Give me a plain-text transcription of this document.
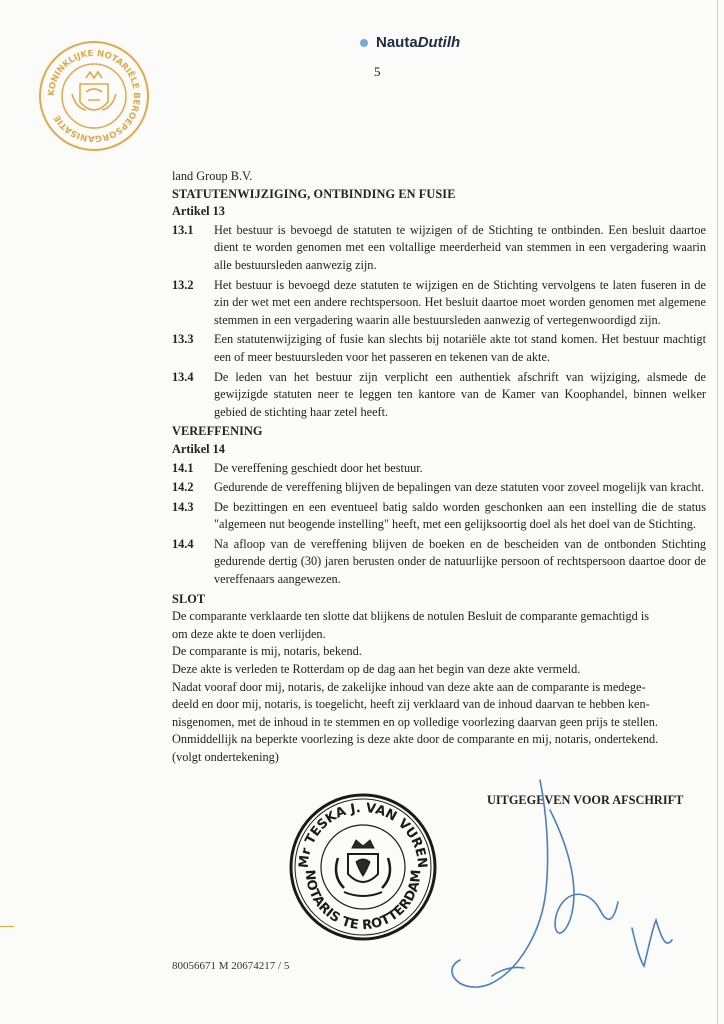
NautaDutilh
5
KONINKLIJKE NOTARIËLE BEROEPSORGANISATIE
land Group B.V.
STATUTENWIJZIGING, ONTBINDING EN FUSIE
Artikel 13
13.1	Het bestuur is bevoegd de statuten te wijzigen of de Stichting te ontbinden. Een besluit daartoe dient te worden genomen met een voltallige meerderheid van stemmen in een vergadering waarin alle bestuursleden aanwezig zijn.
13.2	Het bestuur is bevoegd deze statuten te wijzigen en de Stichting vervolgens te laten fuseren in de zin der wet met een andere rechtspersoon. Het besluit daartoe moet worden genomen met algemene stemmen in een vergadering waarin alle bestuursleden aanwezig of vertegenwoordigd zijn.
13.3	Een statutenwijziging of fusie kan slechts bij notariële akte tot stand komen. Het bestuur machtigt een of meer bestuursleden voor het passeren en tekenen van de akte.
13.4	De leden van het bestuur zijn verplicht een authentiek afschrift van wijziging, alsmede de gewijzigde statuten neer te leggen ten kantore van de Kamer van Koophandel, binnen welker gebied de stichting haar zetel heeft.
VEREFFENING
Artikel 14
14.1	De vereffening geschiedt door het bestuur.
14.2	Gedurende de vereffening blijven de bepalingen van deze statuten voor zoveel mogelijk van kracht.
14.3	De bezittingen en een eventueel batig saldo worden geschonken aan een instelling die de status "algemeen nut beogende instelling" heeft, met een gelijksoortig doel als het doel van de Stichting.
14.4	Na afloop van de vereffening blijven de boeken en de bescheiden van de ontbonden Stichting gedurende dertig (30) jaren berusten onder de natuurlijke persoon of rechtspersoon daartoe door de vereffenaars aangewezen.
SLOT
De comparante verklaarde ten slotte dat blijkens de notulen Besluit de comparante gemachtigd is
om deze akte te doen verlijden.
De comparante is mij, notaris, bekend.
Deze akte is verleden te Rotterdam op de dag aan het begin van deze akte vermeld.
Nadat vooraf door mij, notaris, de zakelijke inhoud van deze akte aan de comparante is medege-
deeld en door mij, notaris, is toegelicht, heeft zij verklaard van de inhoud daarvan te hebben ken-
nisgenomen, met de inhoud in te stemmen en op volledige voorlezing daarvan geen prijs te stellen.
Onmiddellijk na beperkte voorlezing is deze akte door de comparante en mij, notaris, ondertekend.
(volgt ondertekening)
UITGEGEVEN VOOR AFSCHRIFT
Mr TESKA J. VAN VUREN
NOTARIS TE ROTTERDAM
80056671 M 20674217 / 5
